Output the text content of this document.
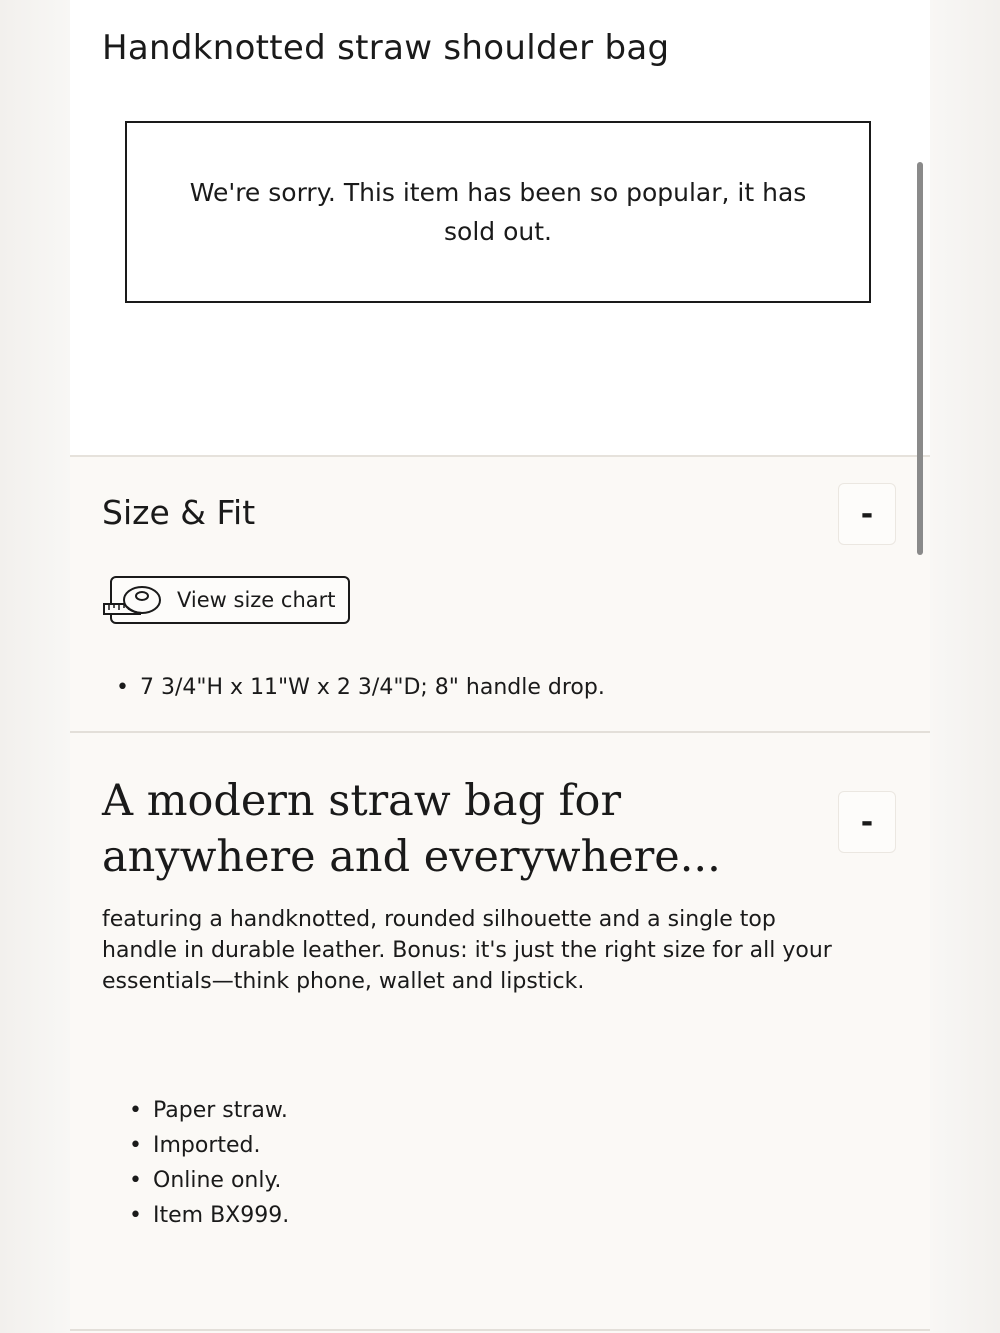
Handknotted straw shoulder bag
We're sorry. This item has been so popular, it has sold out.
Size & Fit	-
View size chart
• 7 3/4"H x 11"W x 2 3/4"D; 8" handle drop.
A modern straw bag for anywhere and everywhere...
-
featuring a handknotted, rounded silhouette and a single top handle in durable leather. Bonus: it's just the right size for all your essentials—think phone, wallet and lipstick.
• Paper straw.
• Imported.
• Online only.
• Item BX999.
